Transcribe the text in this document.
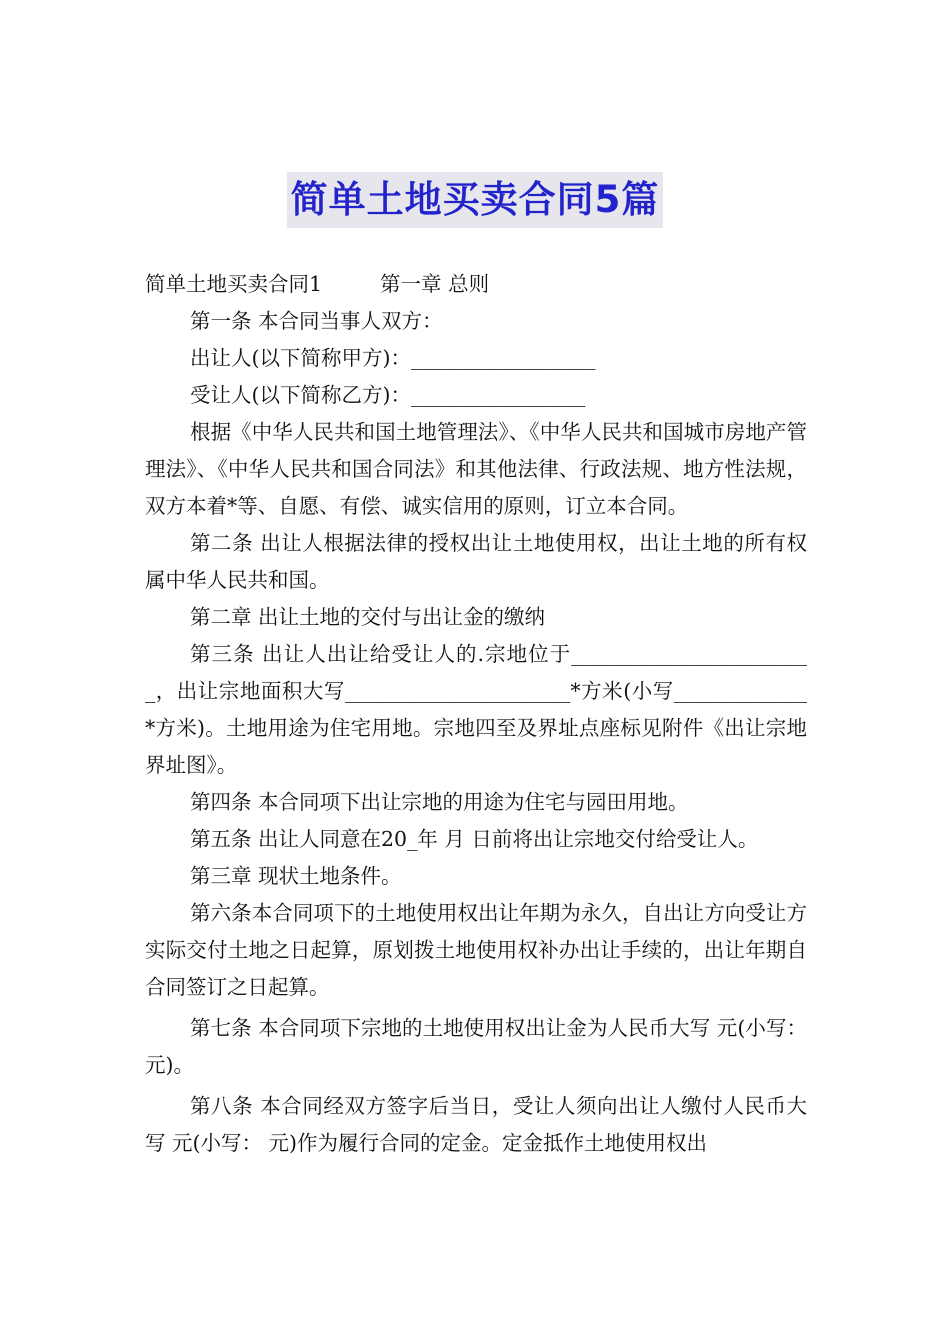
简单土地买卖合同5篇

简单土地买卖合同1	第一章 总则

第一条 本合同当事人双方：

出让人(以下简称甲方)：__________________

受让人(以下简称乙方)：_________________

根据《中华人民共和国土地管理法》、《中华人民共和国城市房地产管理法》、《中华人民共和国合同法》和其他法律、行政法规、地方性法规，双方本着*等、自愿、有偿、诚实信用的原则，订立本合同。

第二条 出让人根据法律的授权出让土地使用权，出让土地的所有权属中华人民共和国。

第二章 出让土地的交付与出让金的缴纳

第三条 出让人出让给受让人的.宗地位于________________________，出让宗地面积大写______________________*方米(小写_____________*方米)。土地用途为住宅用地。宗地四至及界址点座标见附件《出让宗地界址图》。

第四条 本合同项下出让宗地的用途为住宅与园田用地。

第五条 出让人同意在20_年 月 日前将出让宗地交付给受让人。

第三章 现状土地条件。

第六条本合同项下的土地使用权出让年期为永久，自出让方向受让方实际交付土地之日起算，原划拨土地使用权补办出让手续的，出让年期自合同签订之日起算。

第七条 本合同项下宗地的土地使用权出让金为人民币大写 元(小写： 元)。

第八条 本合同经双方签字后当日，受让人须向出让人缴付人民币大写 元(小写： 元)作为履行合同的定金。定金抵作土地使用权出
